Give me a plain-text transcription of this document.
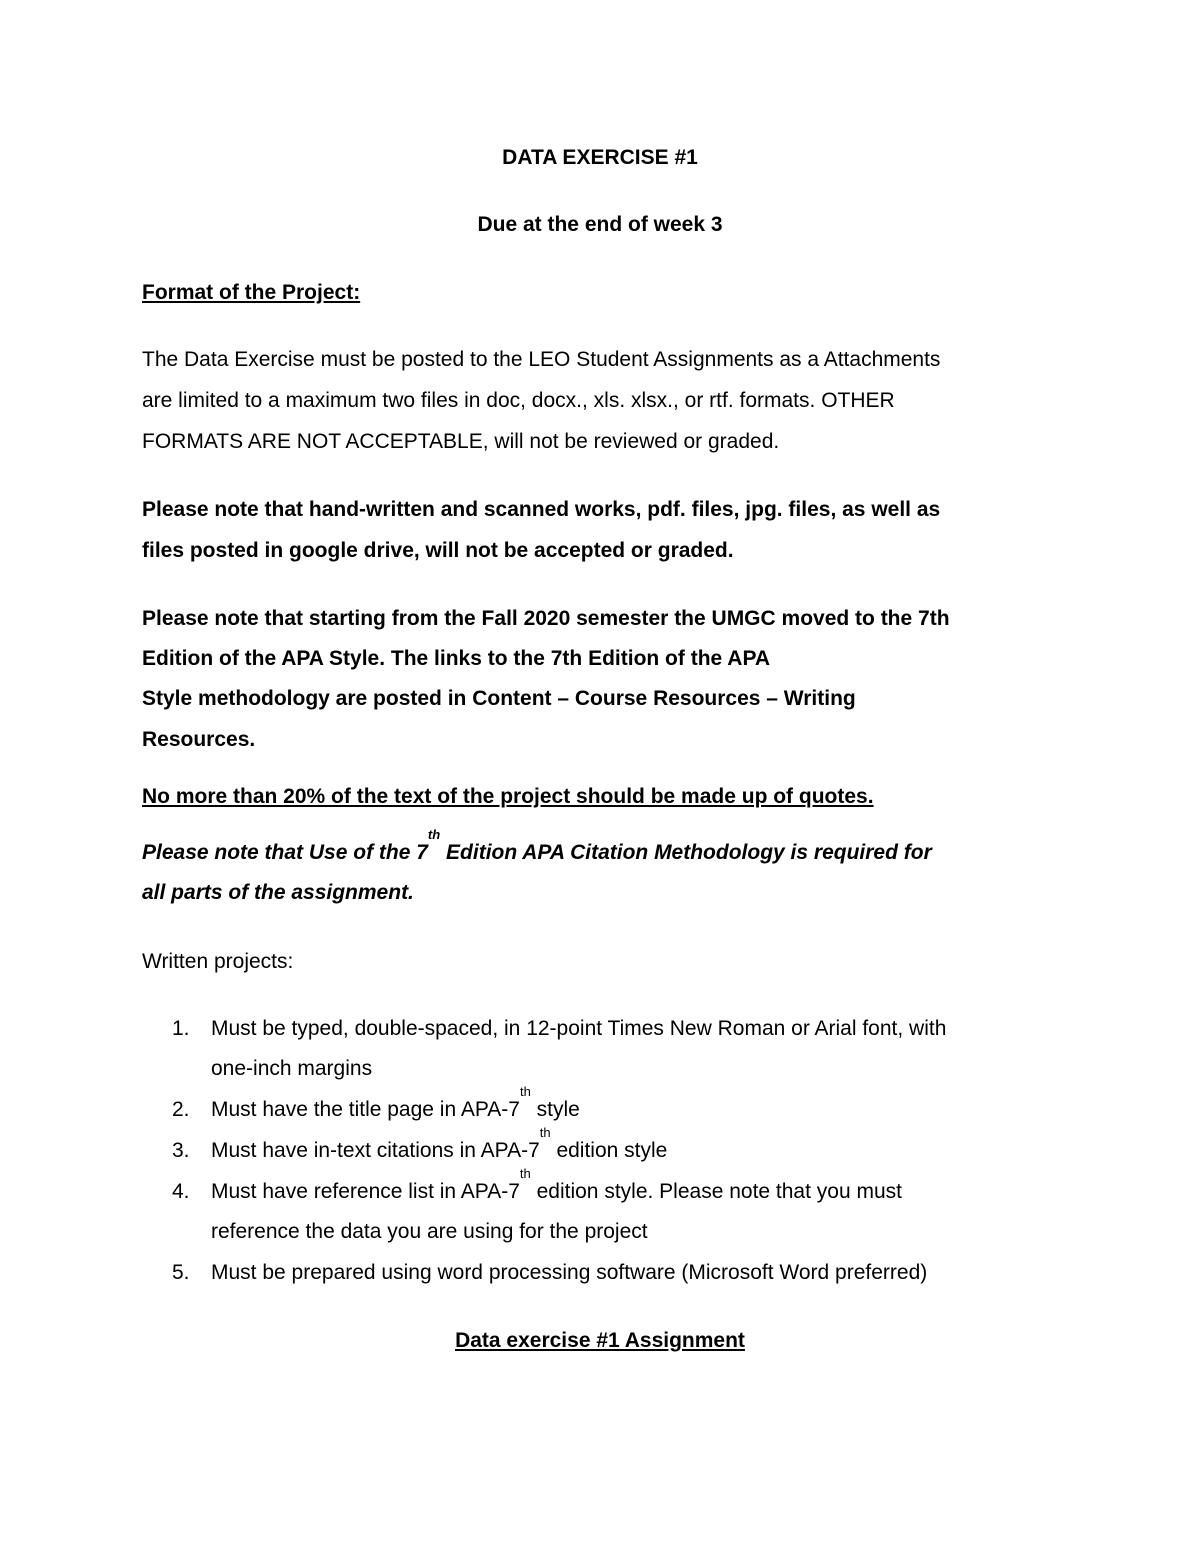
DATA EXERCISE #1
Due at the end of week 3
Format of the Project:
The Data Exercise must be posted to the LEO Student Assignments as a Attachments
are limited to a maximum two files in doc, docx., xls. xlsx., or rtf. formats. OTHER
FORMATS ARE NOT ACCEPTABLE, will not be reviewed or graded.
Please note that hand-written and scanned works, pdf. files, jpg. files, as well as
files posted in google drive, will not be accepted or graded.
Please note that starting from the Fall 2020 semester the UMGC moved to the 7th
Edition of the APA Style. The links to the 7th Edition of the APA
Style methodology are posted in Content – Course Resources – Writing
Resources.
No more than 20% of the text of the project should be made up of quotes.
Please note that Use of the 7th Edition APA Citation Methodology is required for
all parts of the assignment.
Written projects:
1. Must be typed, double-spaced, in 12-point Times New Roman or Arial font, with
one-inch margins
2. Must have the title page in APA-7th style
3. Must have in-text citations in APA-7th edition style
4. Must have reference list in APA-7th edition style. Please note that you must
reference the data you are using for the project
5. Must be prepared using word processing software (Microsoft Word preferred)
Data exercise #1 Assignment
